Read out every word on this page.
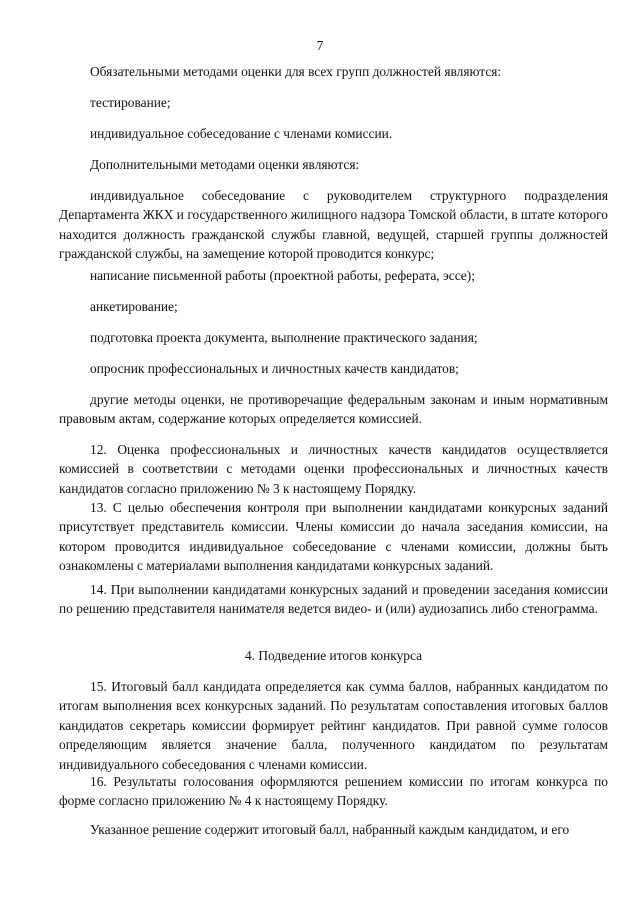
7

Обязательными методами оценки для всех групп должностей являются:

тестирование;

индивидуальное собеседование с членами комиссии.

Дополнительными методами оценки являются:

индивидуальное собеседование с руководителем структурного подразделения Департамента ЖКХ и государственного жилищного надзора Томской области, в штате которого находится должность гражданской службы главной, ведущей, старшей группы должностей гражданской службы, на замещение которой проводится конкурс;

написание письменной работы (проектной работы, реферата, эссе);

анкетирование;

подготовка проекта документа, выполнение практического задания;

опросник профессиональных и личностных качеств кандидатов;

другие методы оценки, не противоречащие федеральным законам и иным нормативным правовым актам, содержание которых определяется комиссией.

12. Оценка профессиональных и личностных качеств кандидатов осуществляется комиссией в соответствии с методами оценки профессиональных и личностных качеств кандидатов согласно приложению № 3 к настоящему Порядку.

13. С целью обеспечения контроля при выполнении кандидатами конкурсных заданий присутствует представитель комиссии. Члены комиссии до начала заседания комиссии, на котором проводится индивидуальное собеседование с членами комиссии, должны быть ознакомлены с материалами выполнения кандидатами конкурсных заданий.

14. При выполнении кандидатами конкурсных заданий и проведении заседания комиссии по решению представителя нанимателя ведется видео- и (или) аудиозапись либо стенограмма.

4. Подведение итогов конкурса

15. Итоговый балл кандидата определяется как сумма баллов, набранных кандидатом по итогам выполнения всех конкурсных заданий. По результатам сопоставления итоговых баллов кандидатов секретарь комиссии формирует рейтинг кандидатов. При равной сумме голосов определяющим является значение балла, полученного кандидатом по результатам индивидуального собеседования с членами комиссии.

16. Результаты голосования оформляются решением комиссии по итогам конкурса по форме согласно приложению № 4 к настоящему Порядку.

Указанное решение содержит итоговый балл, набранный каждым кандидатом, и его
